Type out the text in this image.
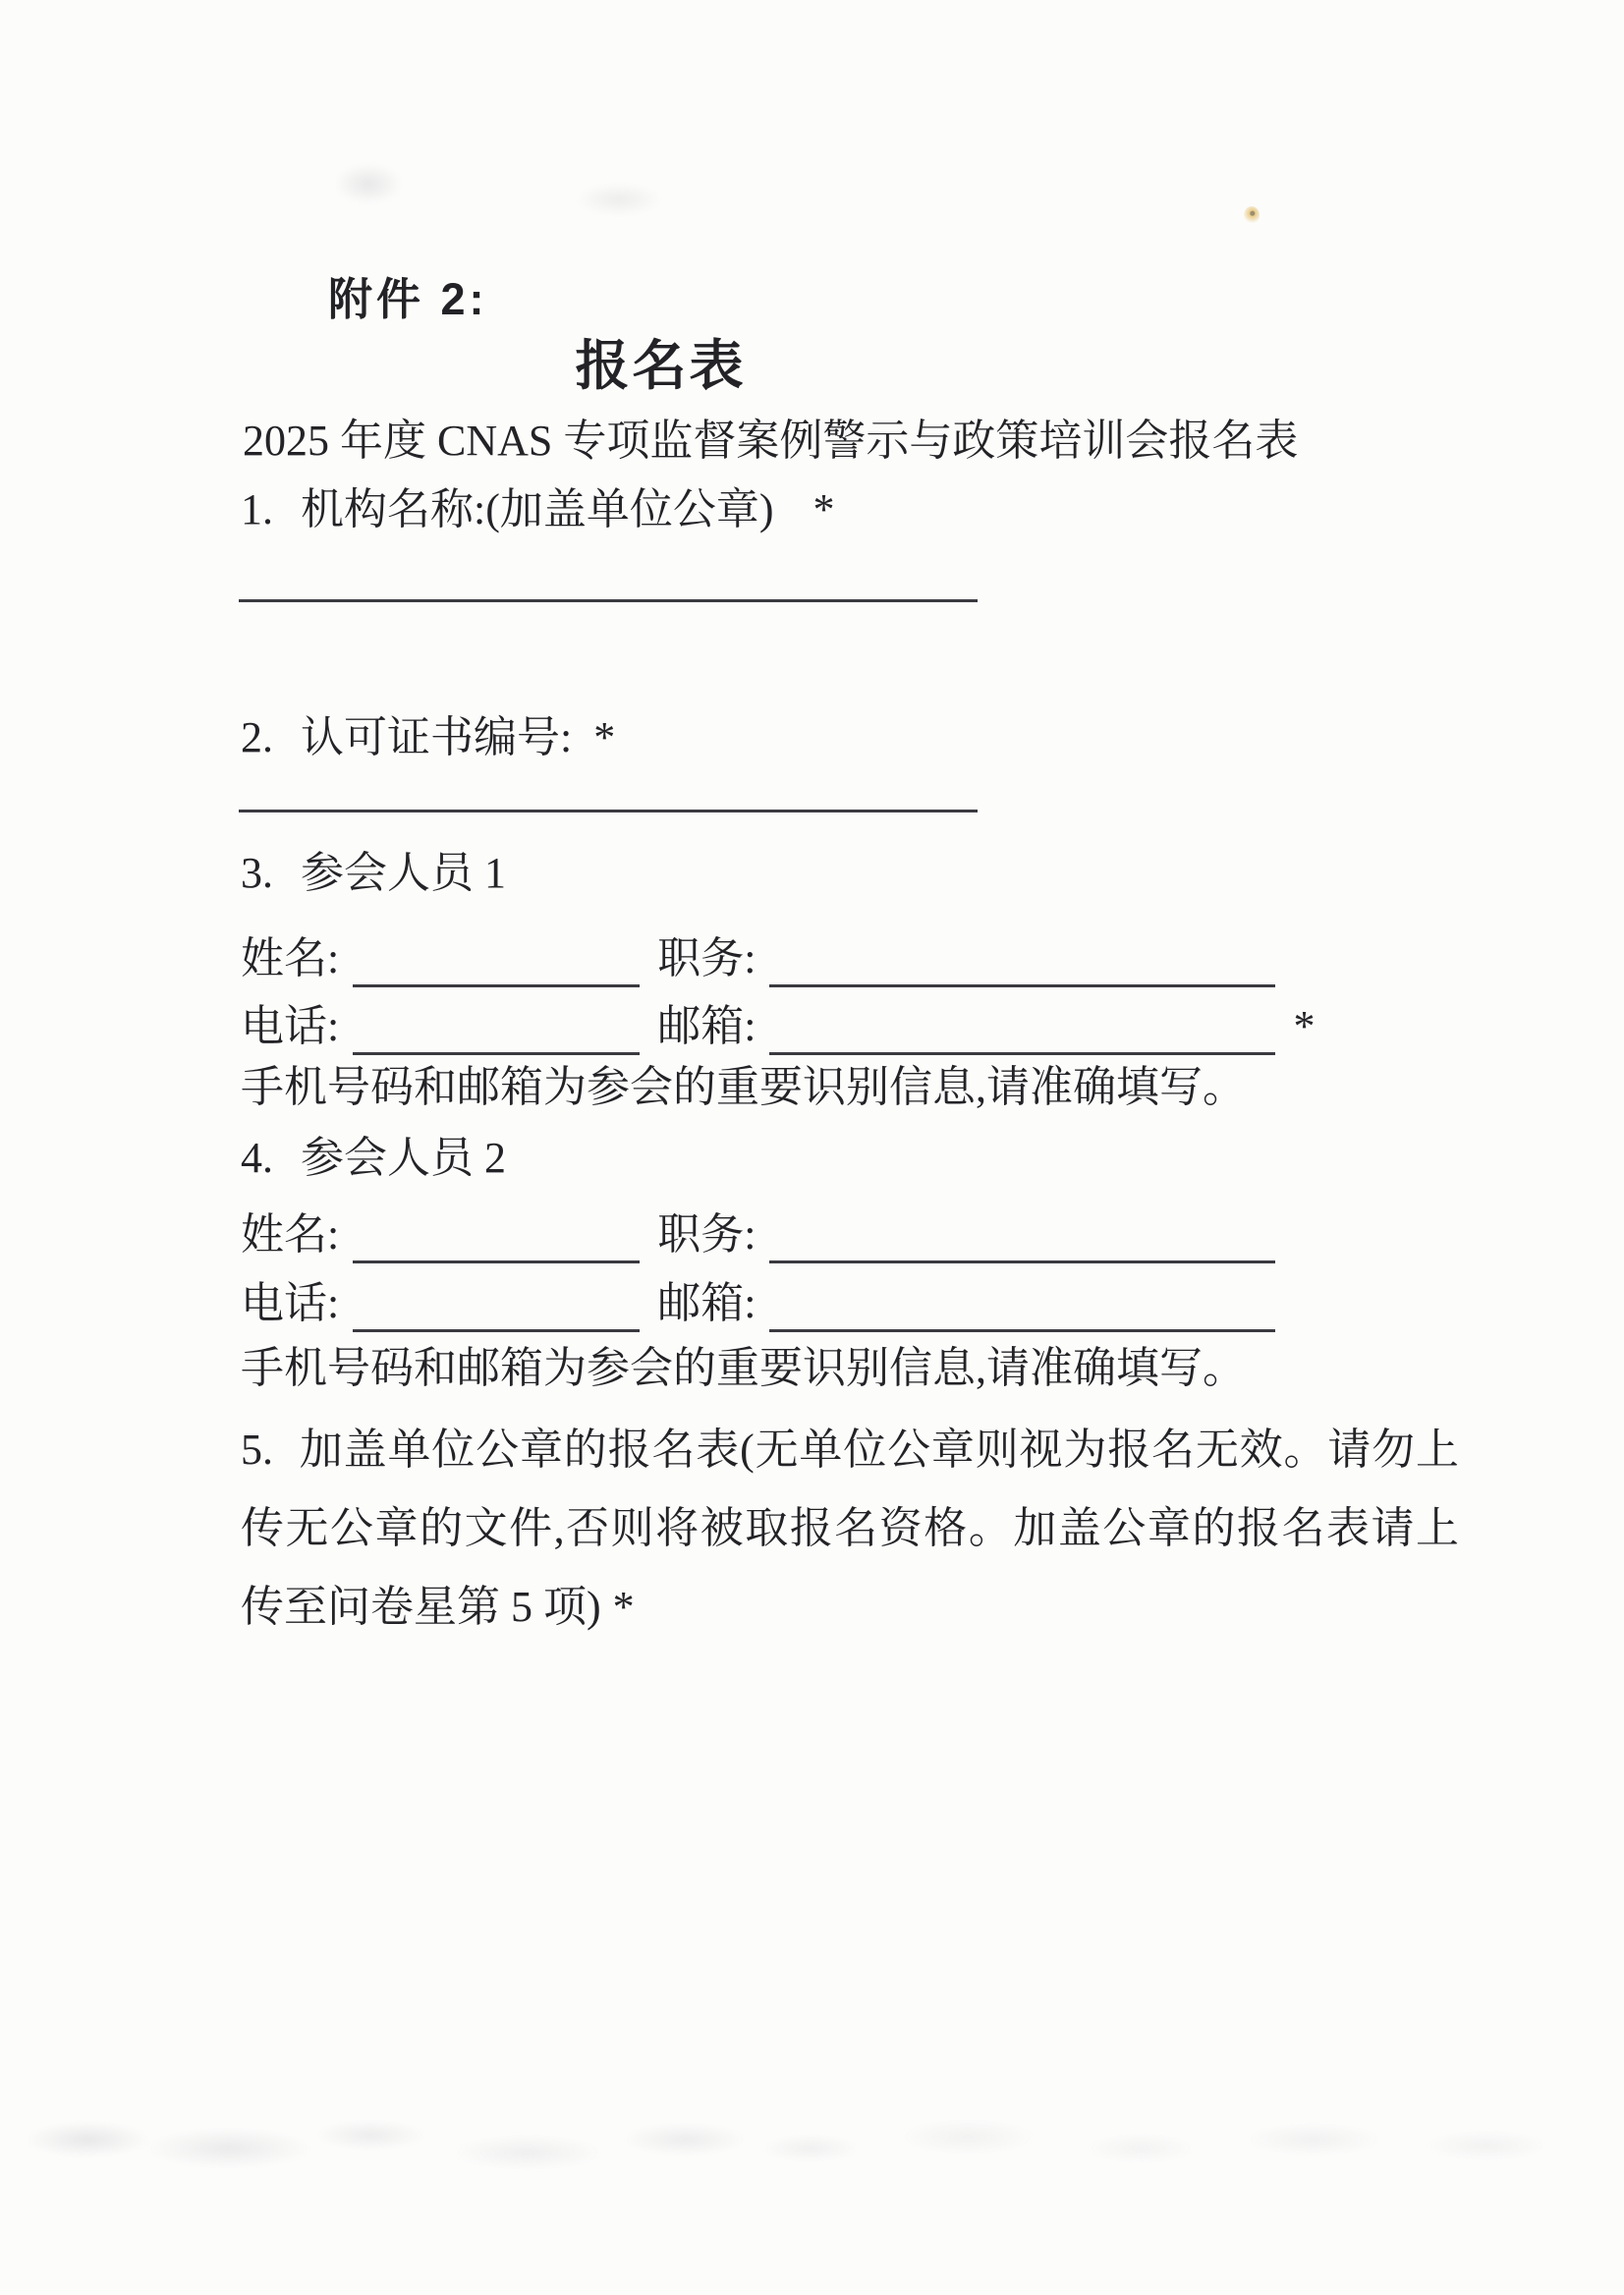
附件 2:
报名表
2025 年度 CNAS 专项监督案例警示与政策培训会报名表
1. 机构名称:(加盖单位公章) *
2. 认可证书编号: *
3. 参会人员 1
姓名:	职务:
电话:	邮箱:	*
手机号码和邮箱为参会的重要识别信息,请准确填写。
4. 参会人员 2
姓名:	职务:
电话:	邮箱:
手机号码和邮箱为参会的重要识别信息,请准确填写。
5. 加盖单位公章的报名表(无单位公章则视为报名无效。请勿上传无公章的文件,否则将被取报名资格。加盖公章的报名表请上传至问卷星第 5 项) *
